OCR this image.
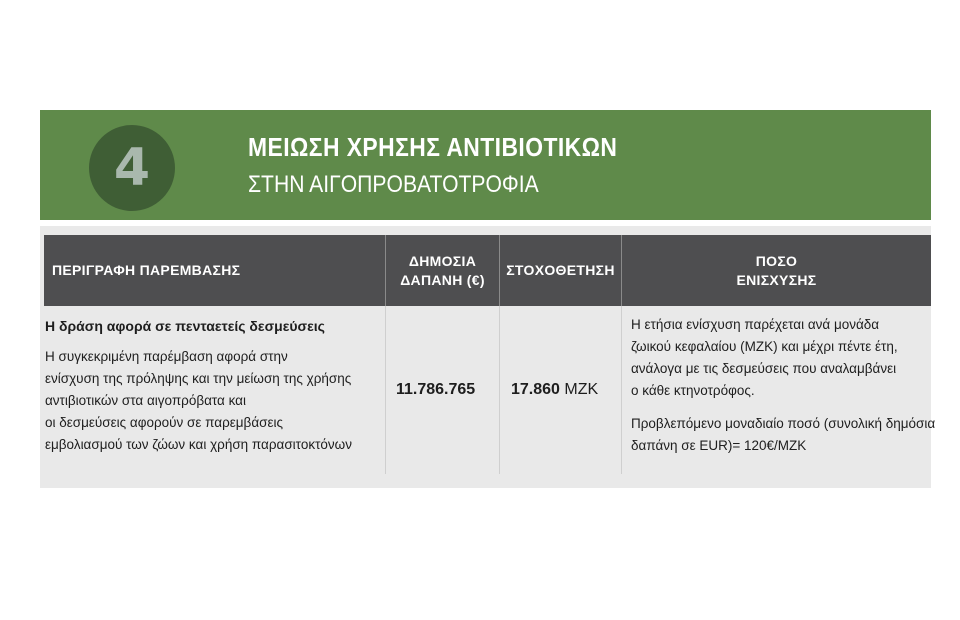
4	ΜΕΙΩΣΗ ΧΡΗΣΗΣ ΑΝΤΙΒΙΟΤΙΚΩΝ
ΣΤΗΝ ΑΙΓΟΠΡΟΒΑΤΟΤΡΟΦΙΑ
ΠΕΡΙΓΡΑΦΗ ΠΑΡΕΜΒΑΣΗΣ
ΔΗΜΟΣΙΑ
ΔΑΠΑΝΗ (€)
ΣΤΟΧΟΘΕΤΗΣΗ
ΠΟΣΟ
ΕΝΙΣΧΥΣΗΣ
Η δράση αφορά σε πενταετείς δεσμεύσεις
Η συγκεκριμένη παρέμβαση αφορά στην
ενίσχυση της πρόληψης και την μείωση της χρήσης
αντιβιοτικών στα αιγοπρόβατα και
οι δεσμεύσεις αφορούν σε παρεμβάσεις
εμβολιασμού των ζώων και χρήση παρασιτοκτόνων
11.786.765 17.860 ΜΖΚ
Η ετήσια ενίσχυση παρέχεται ανά μονάδα
ζωικού κεφαλαίου (ΜΖΚ) και μέχρι πέντε έτη,
ανάλογα με τις δεσμεύσεις που αναλαμβάνει
ο κάθε κτηνοτρόφος.
Προβλεπόμενο μοναδιαίο ποσό (συνολική δημόσια
δαπάνη σε EUR)= 120€/ΜΖΚ
